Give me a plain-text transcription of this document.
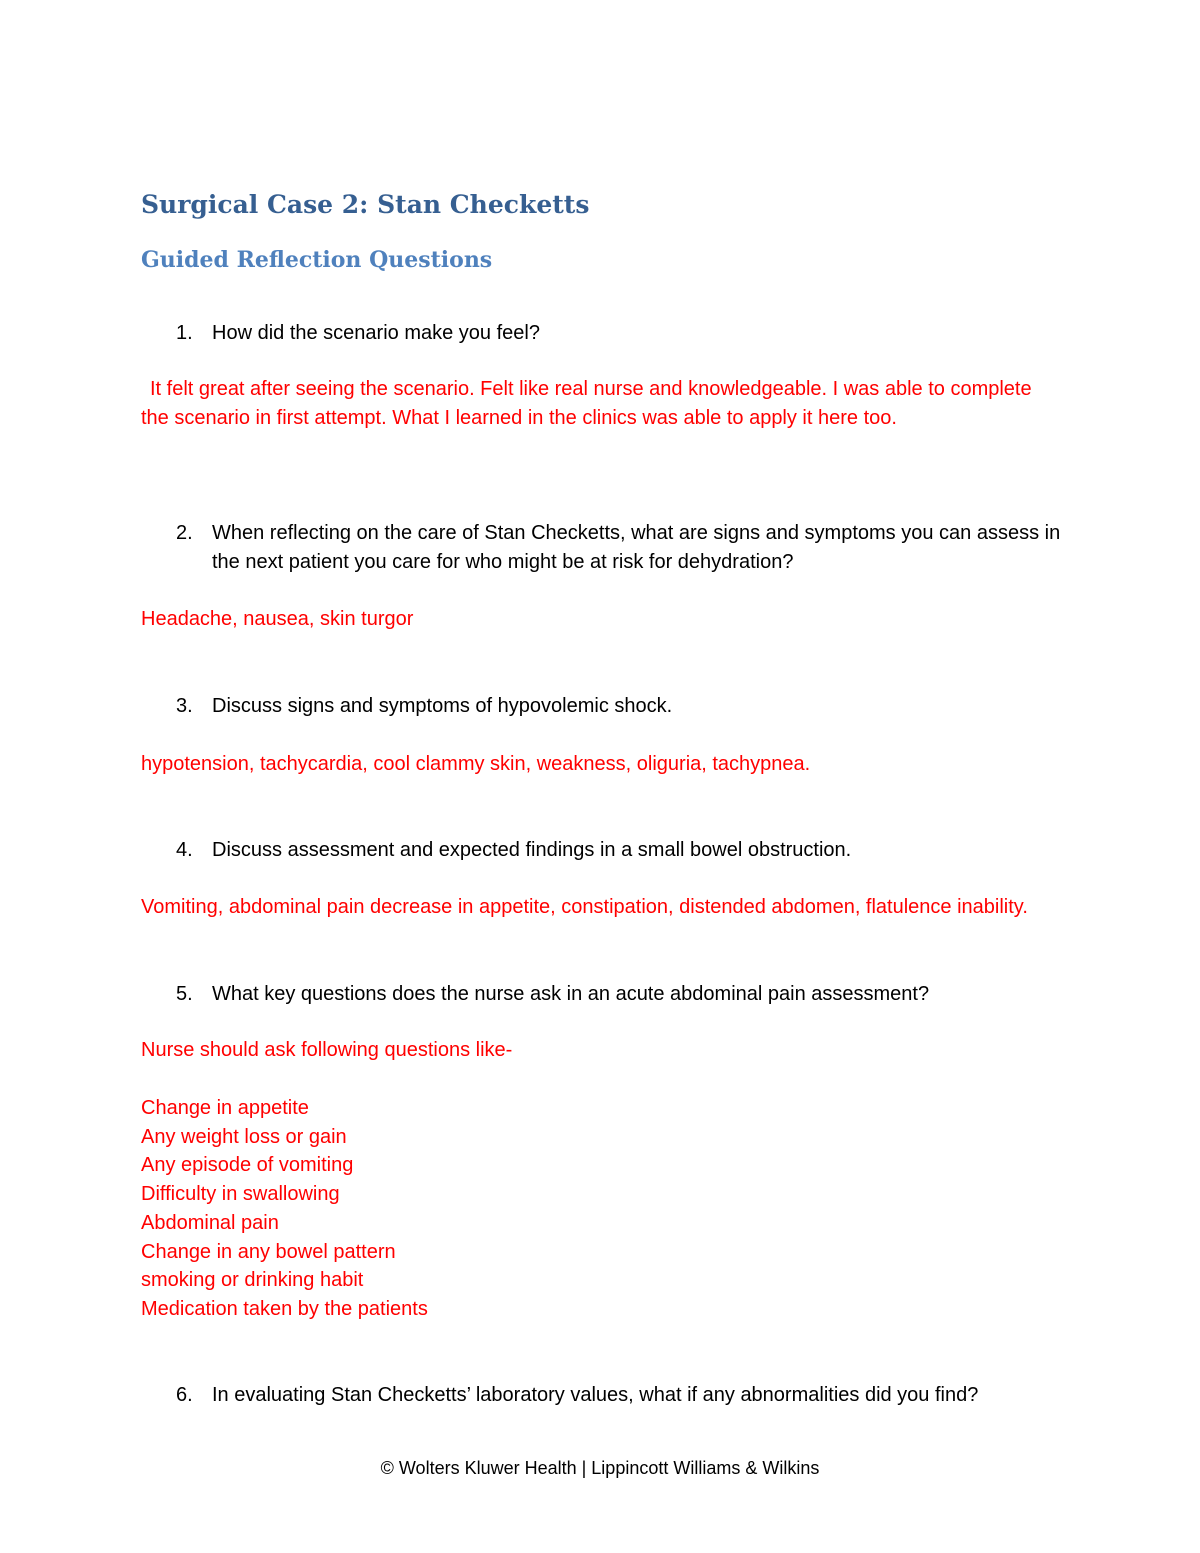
Surgical Case 2: Stan Checketts
Guided Reflection Questions
1. How did the scenario make you feel?
It felt great after seeing the scenario. Felt like real nurse and knowledgeable. I was able to complete the scenario in first attempt. What I learned in the clinics was able to apply it here too.
2. When reflecting on the care of Stan Checketts, what are signs and symptoms you can assess in the next patient you care for who might be at risk for dehydration?
Headache, nausea, skin turgor
3. Discuss signs and symptoms of hypovolemic shock.
hypotension, tachycardia, cool clammy skin, weakness, oliguria, tachypnea.
4. Discuss assessment and expected findings in a small bowel obstruction.
Vomiting, abdominal pain decrease in appetite, constipation, distended abdomen, flatulence inability.
5. What key questions does the nurse ask in an acute abdominal pain assessment?
Nurse should ask following questions like-
Change in appetite
Any weight loss or gain
Any episode of vomiting
Difficulty in swallowing
Abdominal pain
Change in any bowel pattern
smoking or drinking habit
Medication taken by the patients
6. In evaluating Stan Checketts’ laboratory values, what if any abnormalities did you find?
© Wolters Kluwer Health | Lippincott Williams & Wilkins
